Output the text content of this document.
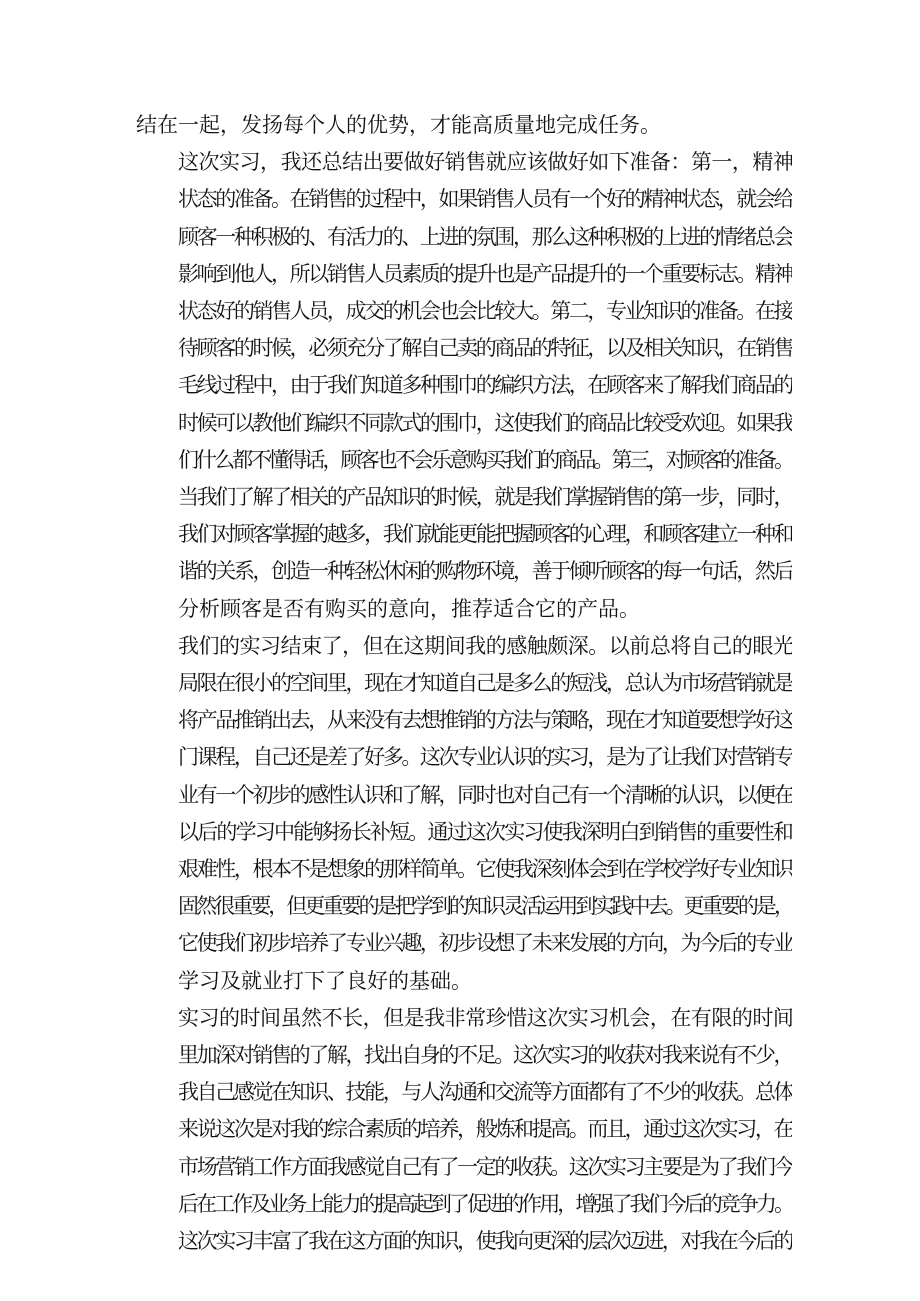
结在一起，发扬每个人的优势，才能高质量地完成任务。

这次实习，我还总结出要做好销售就应该做好如下准备：第一，精神
状态的准备。在销售的过程中，如果销售人员有一个好的精神状态，就会给
顾客一种积极的、有活力的、上进的氛围，那么这种积极的上进的情绪总会
影响到他人，所以销售人员素质的提升也是产品提升的一个重要标志。精神
状态好的销售人员，成交的机会也会比较大。第二，专业知识的准备。在接
待顾客的时候，必须充分了解自己卖的商品的特征，以及相关知识，在销售
毛线过程中，由于我们知道多种围巾的编织方法，在顾客来了解我们商品的
时候可以教他们编织不同款式的围巾，这使我们的商品比较受欢迎。如果我
们什么都不懂得话，顾客也不会乐意购买我们的商品。第三，对顾客的准备。
当我们了解了相关的产品知识的时候，就是我们掌握销售的第一步，同时，
我们对顾客掌握的越多，我们就能更能把握顾客的心理，和顾客建立一种和
谐的关系，创造一种轻松休闲的购物环境，善于倾听顾客的每一句话，然后
分析顾客是否有购买的意向，推荐适合它的产品。

我们的实习结束了，但在这期间我的感触颇深。以前总将自己的眼光
局限在很小的空间里，现在才知道自己是多么的短浅，总认为市场营销就是
将产品推销出去，从来没有去想推销的方法与策略，现在才知道要想学好这
门课程，自己还是差了好多。这次专业认识的实习，是为了让我们对营销专
业有一个初步的感性认识和了解，同时也对自己有一个清晰的认识，以便在
以后的学习中能够扬长补短。通过这次实习使我深明白到销售的重要性和
艰难性，根本不是想象的那样简单。它使我深刻体会到在学校学好专业知识
固然很重要，但更重要的是把学到的知识灵活运用到实践中去。更重要的是，
它使我们初步培养了专业兴趣，初步设想了未来发展的方向，为今后的专业
学习及就业打下了良好的基础。

实习的时间虽然不长，但是我非常珍惜这次实习机会，在有限的时间
里加深对销售的了解，找出自身的不足。这次实习的收获对我来说有不少，
我自己感觉在知识、技能，与人沟通和交流等方面都有了不少的收获。总体
来说这次是对我的综合素质的培养，般炼和提高。而且，通过这次实习，在
市场营销工作方面我感觉自己有了一定的收获。这次实习主要是为了我们今
后在工作及业务上能力的提高起到了促进的作用，增强了我们今后的竞争力。
这次实习丰富了我在这方面的知识，使我向更深的层次迈进，对我在今后的
